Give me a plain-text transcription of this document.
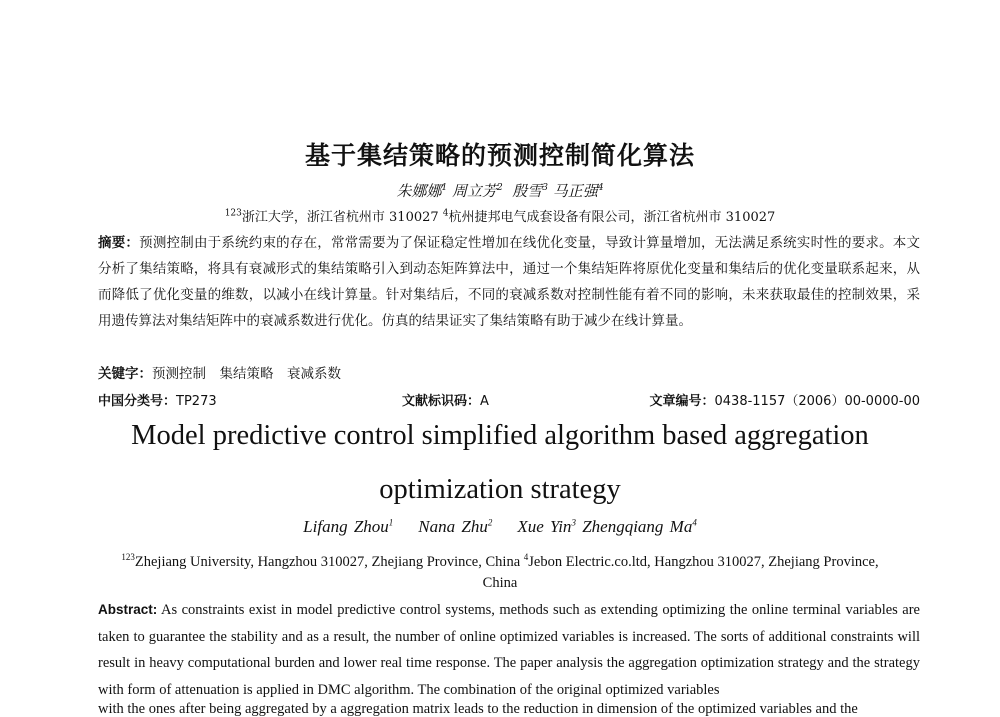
基于集结策略的预测控制简化算法
朱娜娜$^1$ 周立芳$^2$ 殷雪$^3$ 马正强$^4$
$^{123}$浙江大学，浙江省杭州市 310027 $^4$杭州捷邦电气成套设备有限公司，浙江省杭州市 310027
摘要：预测控制由于系统约束的存在，常常需要为了保证稳定性增加在线优化变量，导致计算量增加，无法满足系统实时性的要求。本文分析了集结策略，将具有衰减形式的集结策略引入到动态矩阵算法中，通过一个集结矩阵将原优化变量和集结后的优化变量联系起来，从而降低了优化变量的维数，以减小在线计算量。针对集结后，不同的衰减系数对控制性能有着不同的影响，未来获取最佳的控制效果，采用遗传算法对集结矩阵中的衰减系数进行优化。仿真的结果证实了集结策略有助于减少在线计算量。
关键字：预测控制　集结策略　衰减系数
中国分类号：TP273	文献标识码：A	文章编号：0438-1157（2006）00-0000-00
Model predictive control simplified algorithm based aggregation
optimization strategy
Lifang Zhou$^1$ Nana Zhu$^2$ Xue Yin$^3$ Zhengqiang Ma$^4$
$^{123}$Zhejiang University, Hangzhou 310027, Zhejiang Province, China $^4$Jebon Electric.co.ltd, Hangzhou 310027, Zhejiang Province,
China
Abstract: As constraints exist in model predictive control systems, methods such as extending optimizing the online terminal variables are taken to guarantee the stability and as a result, the number of online optimized variables is increased. The sorts of additional constraints will result in heavy computational burden and lower real time response. The paper analysis the aggregation optimization strategy and the strategy with form of attenuation is applied in DMC algorithm. The combination of the original optimized variables
with the ones after being aggregated by a aggregation matrix leads to the reduction in dimension of the optimized variables and the
